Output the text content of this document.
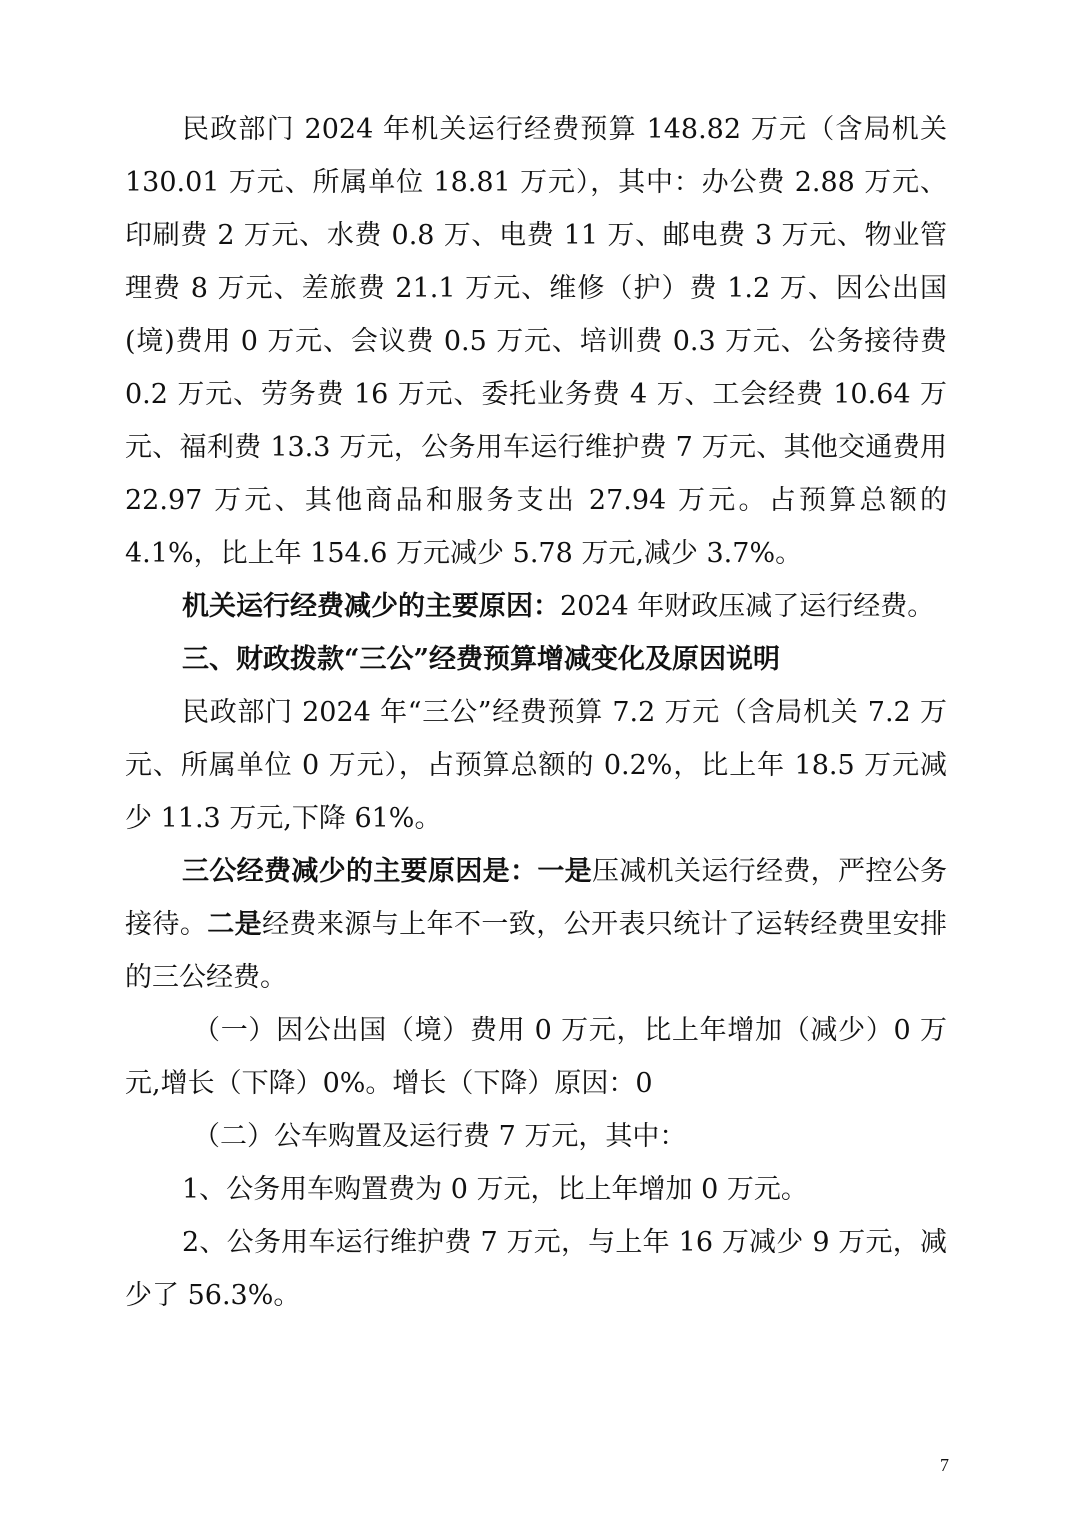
民政部门 2024 年机关运行经费预算 148.82 万元（含局机关 130.01 万元、所属单位 18.81 万元），其中：办公费 2.88 万元、印刷费 2 万元、水费 0.8 万、电费 11 万、邮电费 3 万元、物业管理费 8 万元、差旅费 21.1 万元、维修（护）费 1.2 万、因公出国(境)费用 0 万元、会议费 0.5 万元、培训费 0.3 万元、公务接待费 0.2 万元、劳务费 16 万元、委托业务费 4 万、工会经费 10.64 万元、福利费 13.3 万元，公务用车运行维护费 7 万元、其他交通费用 22.97 万元、其他商品和服务支出 27.94 万元。占预算总额的 4.1%，比上年 154.6 万元减少 5.78 万元,减少 3.7%。

机关运行经费减少的主要原因：2024 年财政压减了运行经费。

三、财政拨款“三公”经费预算增减变化及原因说明

民政部门 2024 年“三公”经费预算 7.2 万元（含局机关 7.2 万元、所属单位 0 万元），占预算总额的 0.2%，比上年 18.5 万元减少 11.3 万元,下降 61%。

三公经费减少的主要原因是：一是压减机关运行经费，严控公务接待。二是经费来源与上年不一致，公开表只统计了运转经费里安排的三公经费。

（一）因公出国（境）费用 0 万元，比上年增加（减少）0 万元,增长（下降）0%。增长（下降）原因：0

（二）公车购置及运行费 7 万元，其中：

1、公务用车购置费为 0 万元，比上年增加 0 万元。

2、公务用车运行维护费 7 万元，与上年 16 万减少 9 万元，减少了 56.3%。

7
